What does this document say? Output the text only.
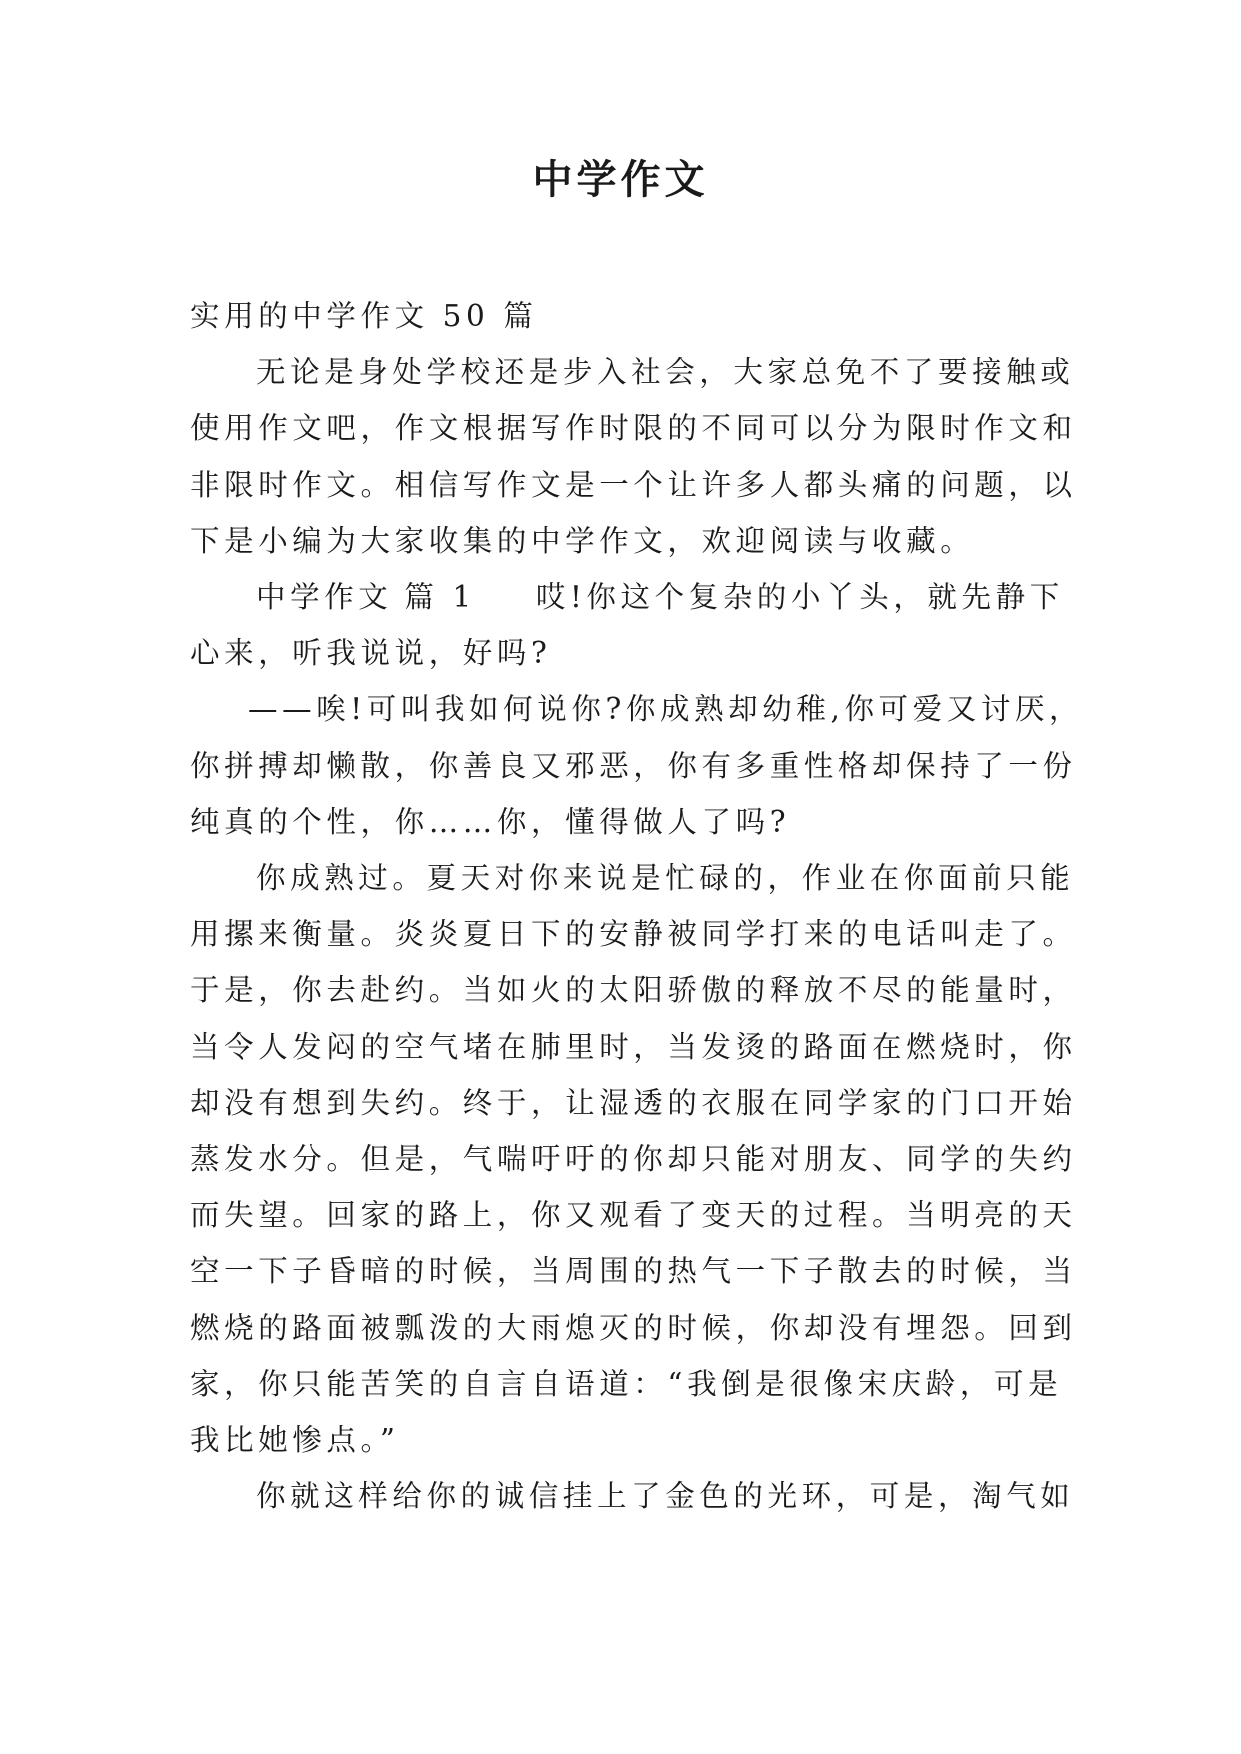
中学作文

实用的中学作文 50 篇

无论是身处学校还是步入社会，大家总免不了要接触或

使用作文吧，作文根据写作时限的不同可以分为限时作文和

非限时作文。相信写作文是一个让许多人都头痛的问题，以

下是小编为大家收集的中学作文，欢迎阅读与收藏。

中学作文 篇 1 哎!你这个复杂的小丫头，就先静下

心来，听我说说，好吗?

——唉!可叫我如何说你?你成熟却幼稚,你可爱又讨厌，

你拼搏却懒散，你善良又邪恶，你有多重性格却保持了一份

纯真的个性，你……你，懂得做人了吗?

你成熟过。夏天对你来说是忙碌的，作业在你面前只能

用摞来衡量。炎炎夏日下的安静被同学打来的电话叫走了。

于是，你去赴约。当如火的太阳骄傲的释放不尽的能量时，

当令人发闷的空气堵在肺里时，当发烫的路面在燃烧时，你

却没有想到失约。终于，让湿透的衣服在同学家的门口开始

蒸发水分。但是，气喘吁吁的你却只能对朋友、同学的失约

而失望。回家的路上，你又观看了变天的过程。当明亮的天

空一下子昏暗的时候，当周围的热气一下子散去的时候，当

燃烧的路面被瓢泼的大雨熄灭的时候，你却没有埋怨。回到

家，你只能苦笑的自言自语道：“我倒是很像宋庆龄，可是

我比她惨点。”

你就这样给你的诚信挂上了金色的光环，可是，淘气如
